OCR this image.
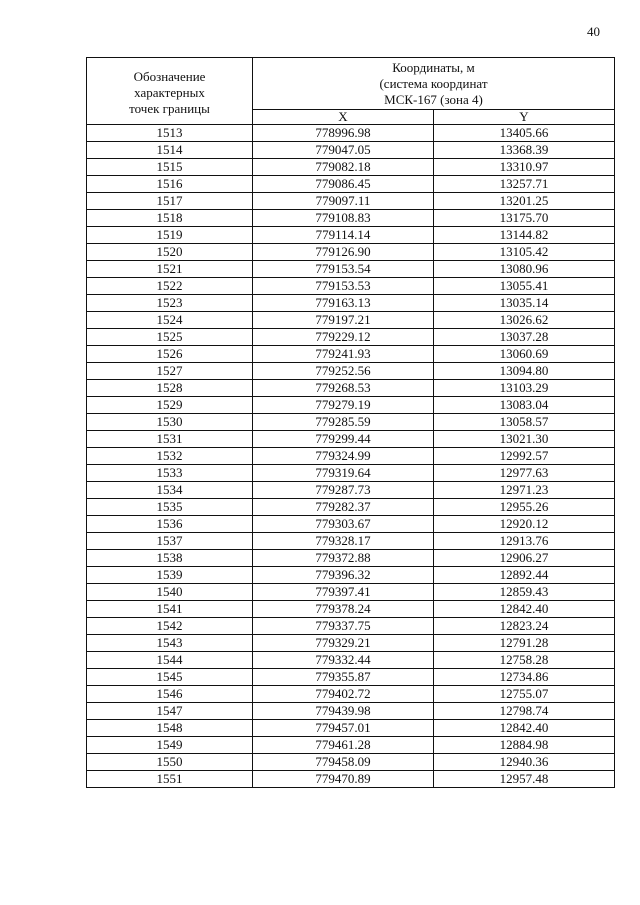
40
Обозначение
характерных
точек границы	Координаты, м
(система координат
МСК-167 (зона 4)	

	X	Y
1513	778996.98	13405.66
1514	779047.05	13368.39
1515	779082.18	13310.97
1516	779086.45	13257.71
1517	779097.11	13201.25
1518	779108.83	13175.70
1519	779114.14	13144.82
1520	779126.90	13105.42
1521	779153.54	13080.96
1522	779153.53	13055.41
1523	779163.13	13035.14
1524	779197.21	13026.62
1525	779229.12	13037.28
1526	779241.93	13060.69
1527	779252.56	13094.80
1528	779268.53	13103.29
1529	779279.19	13083.04
1530	779285.59	13058.57
1531	779299.44	13021.30
1532	779324.99	12992.57
1533	779319.64	12977.63
1534	779287.73	12971.23
1535	779282.37	12955.26
1536	779303.67	12920.12
1537	779328.17	12913.76
1538	779372.88	12906.27
1539	779396.32	12892.44
1540	779397.41	12859.43
1541	779378.24	12842.40
1542	779337.75	12823.24
1543	779329.21	12791.28
1544	779332.44	12758.28
1545	779355.87	12734.86
1546	779402.72	12755.07
1547	779439.98	12798.74
1548	779457.01	12842.40
1549	779461.28	12884.98
1550	779458.09	12940.36
1551	779470.89	12957.48
